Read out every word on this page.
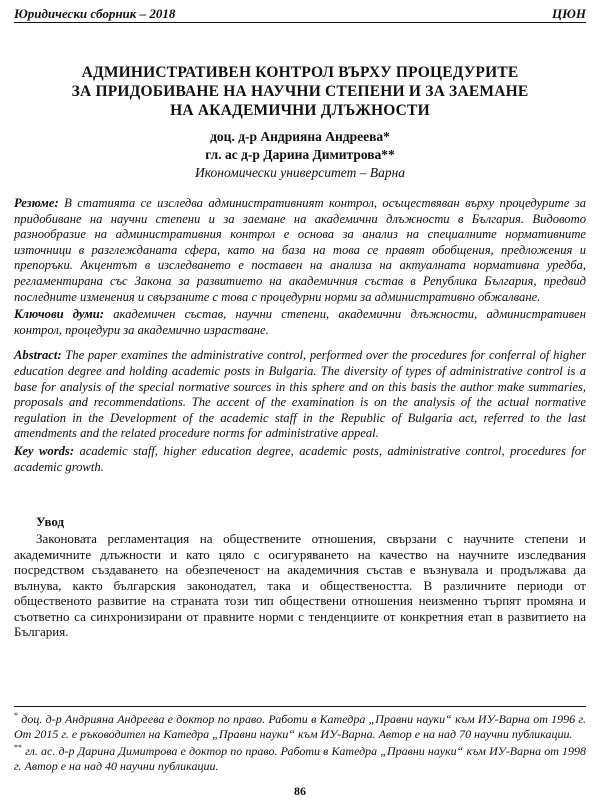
Юридически сборник – 2018	ЦЮН
АДМИНИСТРАТИВЕН КОНТРОЛ ВЪРХУ ПРОЦЕДУРИТЕ
ЗА ПРИДОБИВАНЕ НА НАУЧНИ СТЕПЕНИ И ЗА ЗАЕМАНЕ
НА АКАДЕМИЧНИ ДЛЪЖНОСТИ
доц. д-р Андрияна Андреева*
гл. ас д-р Дарина Димитрова**
Икономически университет – Варна

Резюме: В статията се изследва административният контрол, осъществяван върху процедурите за придобиване на научни степени и за заемане на академични длъжности в България. Видовото разнообразие на административния контрол е основа за анализ на специалните нормативните източници в разглежданата сфера, като на база на това се правят обобщения, предложения и препоръки. Акцентът в изследването е поставен на анализа на актуалната нормативна уредба, регламентирана със Закона за развитието на академичния състав в Република България, предвид последните изменения и свързаните с това с процедурни норми за административно обжалване.

Ключови думи: академичен състав, научни степени, академични длъжности, административен контрол, процедури за академично израстване.

Abstract: The paper examines the administrative control, performed over the procedures for conferral of higher education degree and holding academic posts in Bulgaria. The diversity of types of administrative control is a base for analysis of the special normative sources in this sphere and on this basis the author make summaries, proposals and recommendations. The accent of the examination is on the analysis of the actual normative regulation in the Development of the academic staff in the Republic of Bulgaria act, referred to the last amendments and the related procedure norms for administrative appeal.

Key words: academic staff, higher education degree, academic posts, administrative control, procedures for academic growth.

Увод

Законовата регламентация на обществените отношения, свързани с научните степени и академичните длъжности и като цяло с осигуряването на качество на научните изследвания посредством създаването на обезпеченост на академичния състав е възнувала и продължава да вълнува, както българския законодател, така и обществеността. В различните периоди от общественото развитие на страната този тип обществени отношения неизменно търпят промяна и съответно са синхронизирани от правните норми с тенденциите от конкретния етап в развитието на България.

* доц. д-р Андрияна Андреева е доктор по право. Работи в Катедра „Правни науки“ към ИУ-Варна от 1996 г. От 2015 г. е ръководител на Катедра „Правни науки“ към ИУ-Варна. Автор е на над 70 научни публикации.

** гл. ас. д-р Дарина Димитрова е доктор по право. Работи в Катедра „Правни науки“ към ИУ-Варна от 1998 г. Автор е на над 40 научни публикации.

86
